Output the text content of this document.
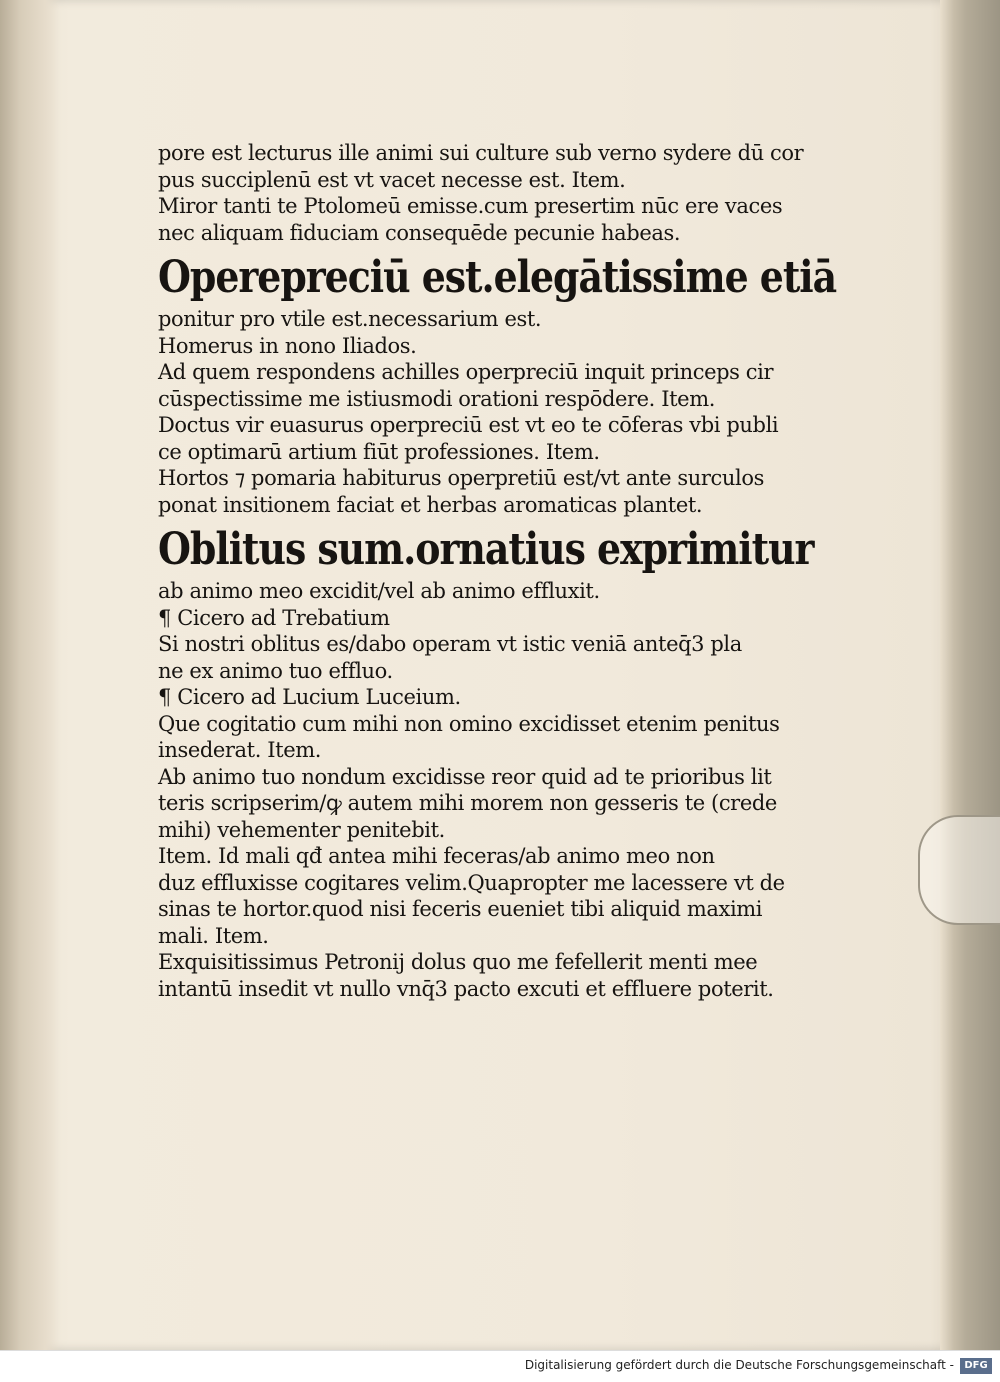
pore est lecturus ille animi sui culture sub verno sydere dū cor
pus succiplenū est vt vacet necesse est. Item.
Miror tanti te Ptolomeū emisse.cum presertim nūc ere vaces
nec aliquam fiduciam consequēde pecunie habeas.
Operepreciū est.elegātissime etiā
ponitur pro vtile est.necessarium est.
Homerus in nono Iliados.
Ad quem respondens achilles operpreciū inquit princeps cir
cūspectissime me istiusmodi orationi respōdere. Item.
Doctus vir euasurus operpreciū est vt eo te cōferas vbi publi
ce optimarū artium fiūt professiones. Item.
Hortos ⁊ pomaria habiturus operpretiū est/vt ante surculos
ponat insitionem faciat et herbas aromaticas plantet.
Oblitus sum.ornatius exprimitur
ab animo meo excidit/vel ab animo effluxit.
¶ Cicero ad Trebatium
Si nostri oblitus es/dabo operam vt istic veniā anteq̄3 pla
ne ex animo tuo effluo.
¶ Cicero ad Lucium Luceium.
Que cogitatio cum mihi non omino excidisset etenim penitus
insederat. Item.
Ab animo tuo nondum excidisse reor quid ad te prioribus lit
teris scripserim/ꝙ autem mihi morem non gesseris te (crede
mihi) vehementer penitebit.
Item. Id mali qđ antea mihi feceras/ab animo meo non
duz effluxisse cogitares velim.Quapropter me lacessere vt de
sinas te hortor.quod nisi feceris eueniet tibi aliquid maximi
mali. Item.
Exquisitissimus Petronij dolus quo me fefellerit menti mee
intantū insedit vt nullo vnq̄3 pacto excuti et effluere poterit.
Digitalisierung gefördert durch die Deutsche Forschungsgemeinschaft -	DFG
